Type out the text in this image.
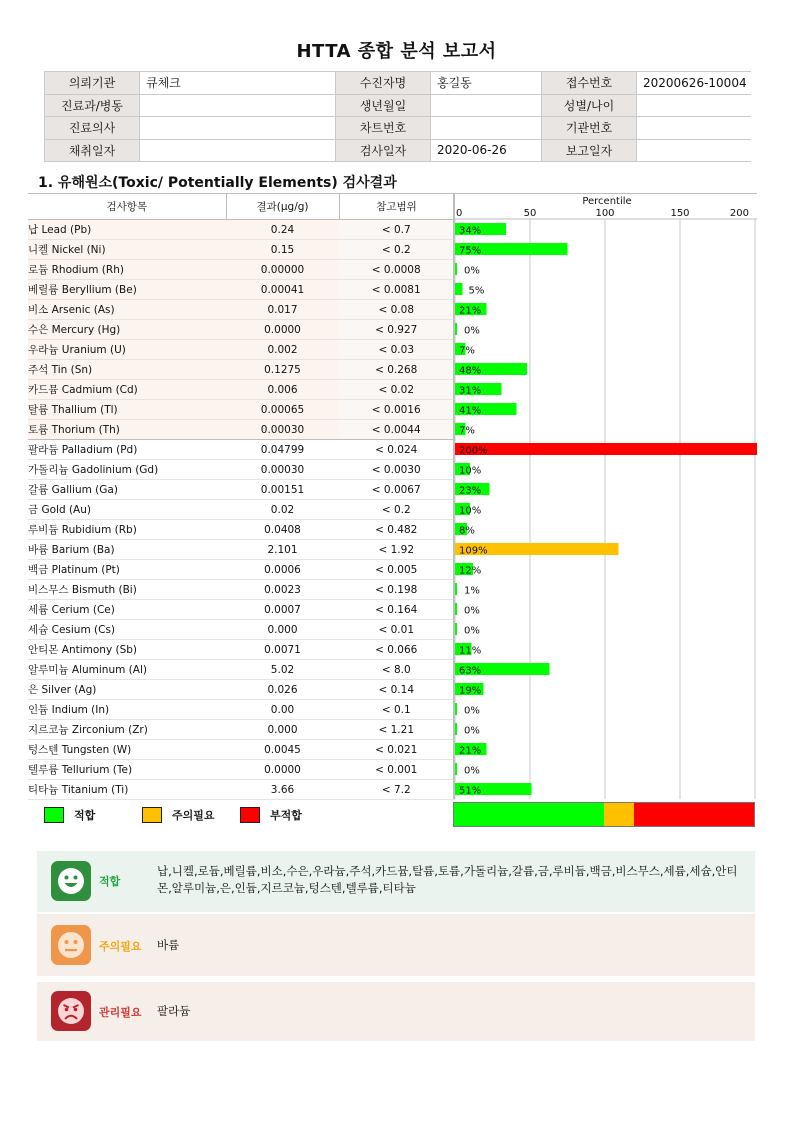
HTTA 종합 분석 보고서
의뢰기관	큐체크	수진자명	홍길동	접수번호	20200626-10004
진료과/병동		생년월일		성별/나이	
진료의사		차트번호		기관번호	
채취일자		검사일자	2020-06-26	보고일자	
1. 유해원소(Toxic/ Potentially Elements) 검사결과
검사항목	결과(μg/g)	참고범위
납 Lead (Pb)	0.24	< 0.7
니켈 Nickel (Ni)	0.15	< 0.2
로듐 Rhodium (Rh)	0.00000	< 0.0008
베릴륨 Beryllium (Be)	0.00041	< 0.0081
비소 Arsenic (As)	0.017	< 0.08
수은 Mercury (Hg)	0.0000	< 0.927
우라늄 Uranium (U)	0.002	< 0.03
주석 Tin (Sn)	0.1275	< 0.268
카드뮴 Cadmium (Cd)	0.006	< 0.02
탈륨 Thallium (Tl)	0.00065	< 0.0016
토륨 Thorium (Th)	0.00030	< 0.0044
팔라듐 Palladium (Pd)	0.04799	< 0.024
가돌리늄 Gadolinium (Gd)	0.00030	< 0.0030
갈륨 Gallium (Ga)	0.00151	< 0.0067
금 Gold (Au)	0.02	< 0.2
루비듐 Rubidium (Rb)	0.0408	< 0.482
바륨 Barium (Ba)	2.101	< 1.92
백금 Platinum (Pt)	0.0006	< 0.005
비스무스 Bismuth (Bi)	0.0023	< 0.198
세륨 Cerium (Ce)	0.0007	< 0.164
세슘 Cesium (Cs)	0.000	< 0.01
안티몬 Antimony (Sb)	0.0071	< 0.066
알루미늄 Aluminum (Al)	5.02	< 8.0
은 Silver (Ag)	0.026	< 0.14
인듐 Indium (In)	0.00	< 0.1
지르코늄 Zirconium (Zr)	0.000	< 1.21
텅스텐 Tungsten (W)	0.0045	< 0.021
텔루륨 Tellurium (Te)	0.0000	< 0.001
티타늄 Titanium (Ti)	3.66	< 7.2
Percentile
0	50	100	150	200
34%
75%
0%
5%
21%
0%
7%
48%
31%
41%
7%
200%
10%
23%
10%
8%
109%
12%
1%
0%
0%
11%
63%
19%
0%
0%
21%
0%
51%
적합	주의필요	부적합
적합
납,니켈,로듐,베릴륨,비소,수은,우라늄,주석,카드뮴,탈륨,토륨,가돌리늄,갈륨,금,루비듐,백금,비스무스,세륨,세슘,안티몬,알루미늄,은,인듐,지르코늄,텅스텐,텔루륨,티타늄
주의필요 바륨
관리필요 팔라듐
